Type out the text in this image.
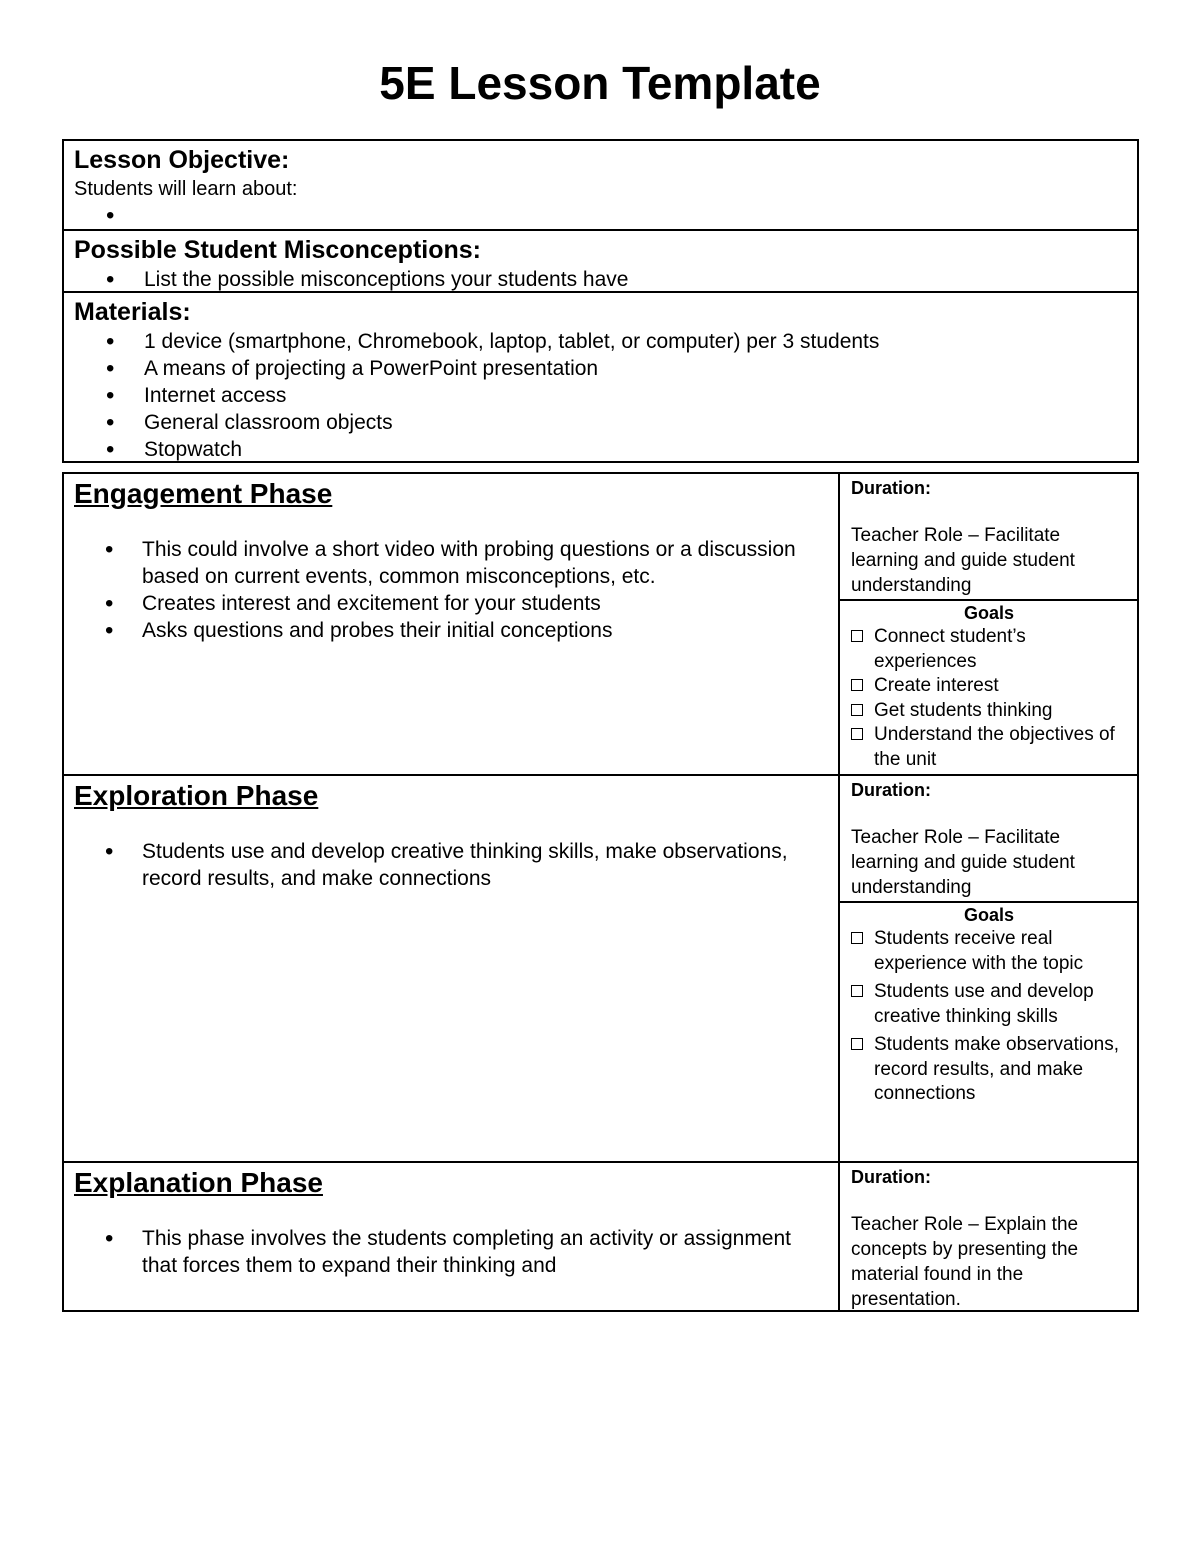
5E Lesson Template
Lesson Objective:
Students will learn about:
Possible Student Misconceptions:
• List the possible misconceptions your students have
Materials:
• 1 device (smartphone, Chromebook, laptop, tablet, or computer) per 3 students
• A means of projecting a PowerPoint presentation
• Internet access
• General classroom objects
• Stopwatch
Engagement Phase
• This could involve a short video with probing questions or a discussion based on current events, common misconceptions, etc.
• Creates interest and excitement for your students
• Asks questions and probes their initial conceptions
Duration:
Teacher Role – Facilitate learning and guide student understanding
Goals
Connect student’s experiences
Create interest
Get students thinking
Understand the objectives of the unit
Exploration Phase
• Students use and develop creative thinking skills, make observations, record results, and make connections
Duration:
Teacher Role – Facilitate learning and guide student understanding
Goals
Students receive real experience with the topic
Students use and develop creative thinking skills
Students make observations, record results, and make connections
Explanation Phase
• This phase involves the students completing an activity or assignment that forces them to expand their thinking and
Duration:
Teacher Role – Explain the concepts by presenting the material found in the presentation.
